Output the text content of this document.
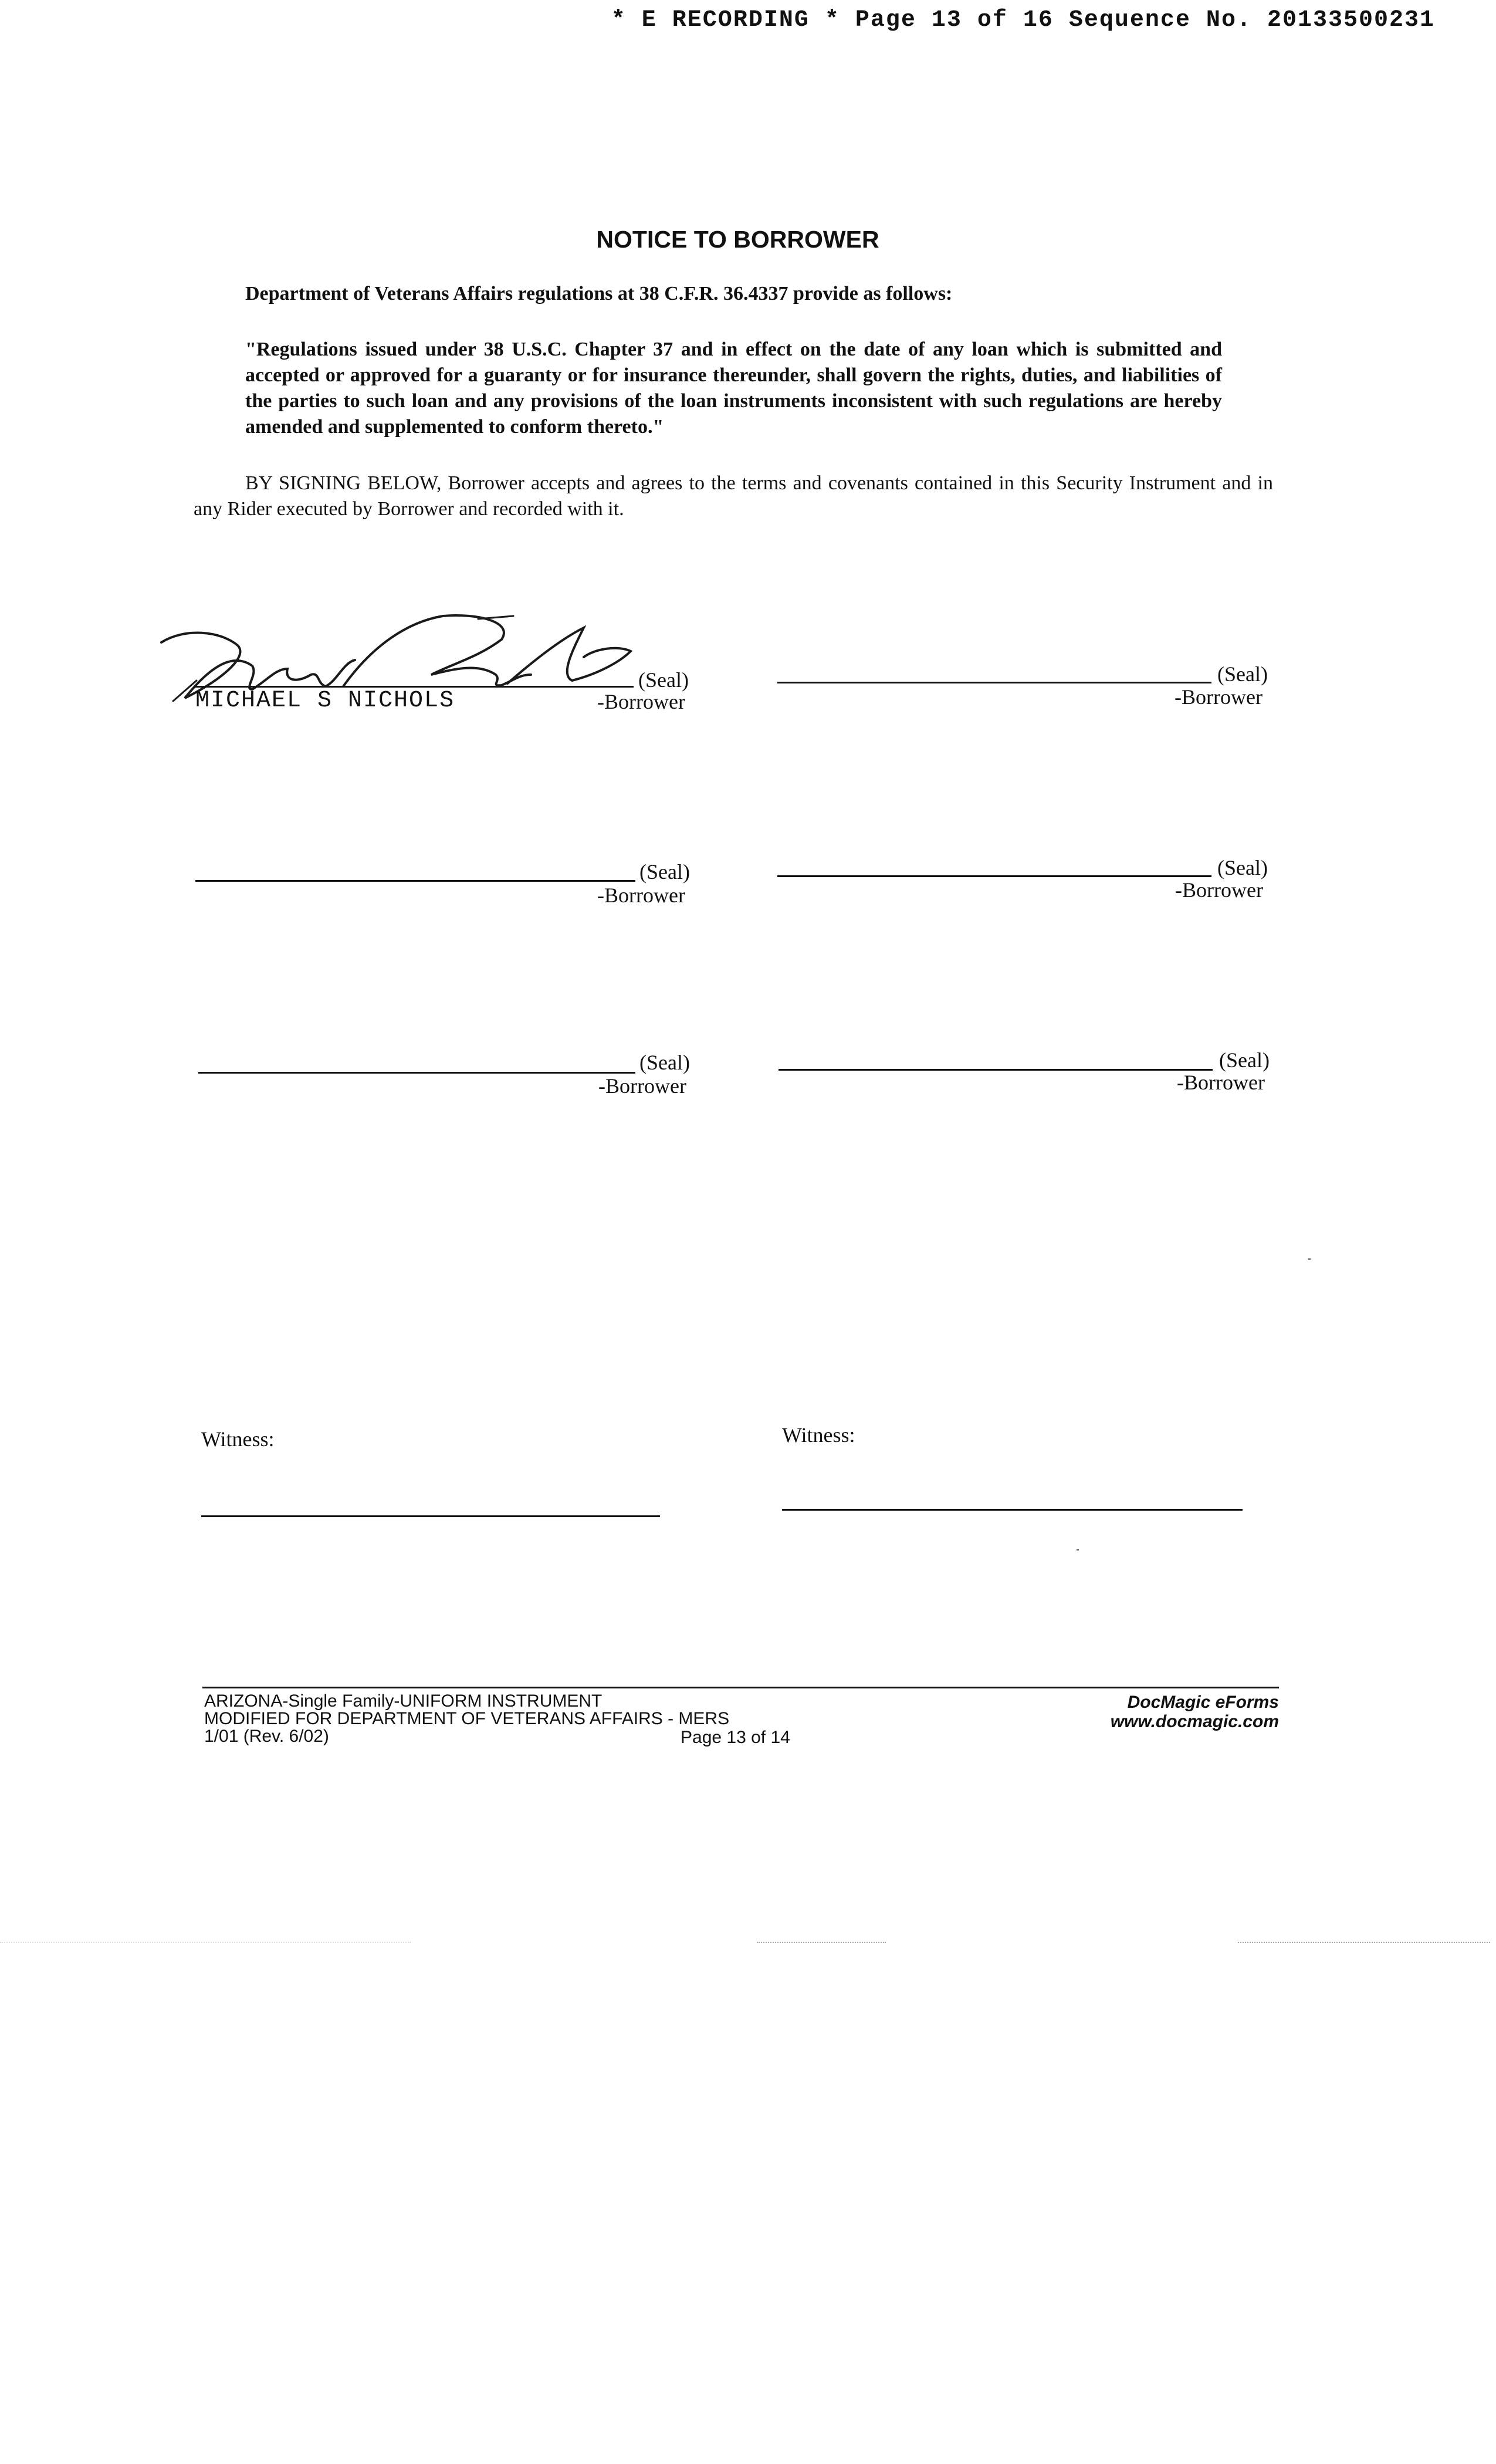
* E RECORDING * Page 13 of 16 Sequence No. 20133500231
NOTICE TO BORROWER
Department of Veterans Affairs regulations at 38 C.F.R. 36.4337 provide as follows:
"Regulations issued under 38 U.S.C. Chapter 37 and in effect on the date of any loan which is submitted and accepted or approved for a guaranty or for insurance thereunder, shall govern the rights, duties, and liabilities of the parties to such loan and any provisions of the loan instruments inconsistent with such regulations are hereby amended and supplemented to conform thereto."
BY SIGNING BELOW, Borrower accepts and agrees to the terms and covenants contained in this Security Instrument and in any Rider executed by Borrower and recorded with it.
(Seal)
MICHAEL S NICHOLS	-Borrower
(Seal)
-Borrower
(Seal)
-Borrower
(Seal)
-Borrower
(Seal)
-Borrower
(Seal)
-Borrower
Witness:	Witness:
ARIZONA-Single Family-UNIFORM INSTRUMENT
MODIFIED FOR DEPARTMENT OF VETERANS AFFAIRS - MERS
1/01 (Rev. 6/02)	Page 13 of 14
DocMagic eForms
www.docmagic.com
